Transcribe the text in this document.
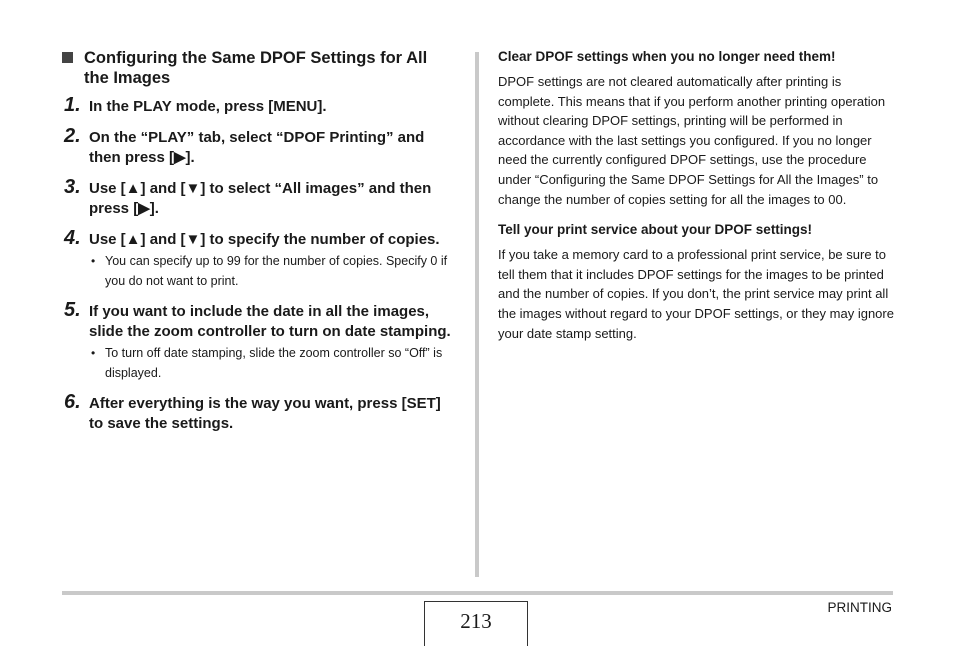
Configuring the Same DPOF Settings for All the Images
1. In the PLAY mode, press [MENU].
2. On the “PLAY” tab, select “DPOF Printing” and then press [▶].
3. Use [▲] and [▼] to select “All images” and then press [▶].
4. Use [▲] and [▼] to specify the number of copies.
• You can specify up to 99 for the number of copies. Specify 0 if you do not want to print.
5. If you want to include the date in all the images, slide the zoom controller to turn on date stamping.
• To turn off date stamping, slide the zoom controller so “Off” is displayed.
6. After everything is the way you want, press [SET] to save the settings.
Clear DPOF settings when you no longer need them!

DPOF settings are not cleared automatically after printing is complete. This means that if you perform another printing operation without clearing DPOF settings, printing will be performed in accordance with the last settings you configured. If you no longer need the currently configured DPOF settings, use the procedure under “Configuring the Same DPOF Settings for All the Images” to change the number of copies setting for all the images to 00.

Tell your print service about your DPOF settings!

If you take a memory card to a professional print service, be sure to tell them that it includes DPOF settings for the images to be printed and the number of copies. If you don’t, the print service may print all the images without regard to your DPOF settings, or they may ignore your date stamp setting.

213
PRINTING
